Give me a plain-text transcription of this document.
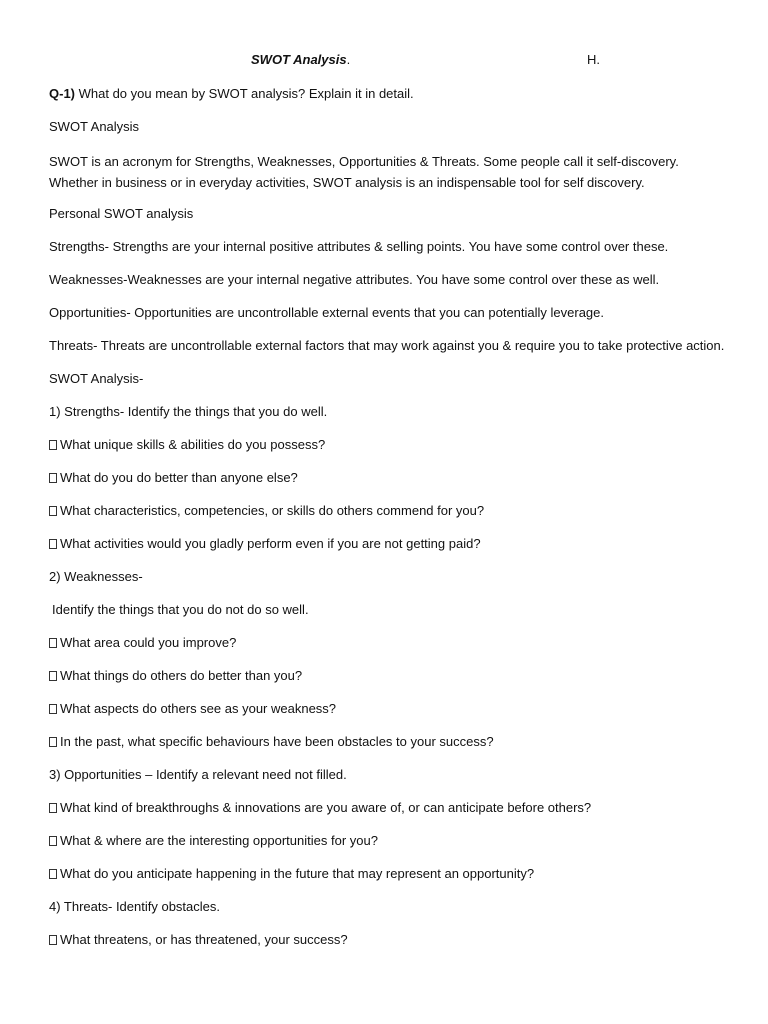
SWOT Analysis.	H.

Q-1) What do you mean by SWOT analysis? Explain it in detail.

SWOT Analysis

SWOT is an acronym for Strengths, Weaknesses, Opportunities & Threats. Some people call it self-discovery. Whether in business or in everyday activities, SWOT analysis is an indispensable tool for self discovery.

Personal SWOT analysis

Strengths- Strengths are your internal positive attributes & selling points. You have some control over these.

Weaknesses-Weaknesses are your internal negative attributes. You have some control over these as well.

Opportunities- Opportunities are uncontrollable external events that you can potentially leverage.

Threats- Threats are uncontrollable external factors that may work against you & require you to take protective action.

SWOT Analysis-

1) Strengths- Identify the things that you do well.

What unique skills & abilities do you possess?

What do you do better than anyone else?

What characteristics, competencies, or skills do others commend for you?

What activities would you gladly perform even if you are not getting paid?

2) Weaknesses-

Identify the things that you do not do so well.

What area could you improve?

What things do others do better than you?

What aspects do others see as your weakness?

In the past, what specific behaviours have been obstacles to your success?

3) Opportunities – Identify a relevant need not filled.

What kind of breakthroughs & innovations are you aware of, or can anticipate before others?

What & where are the interesting opportunities for you?

What do you anticipate happening in the future that may represent an opportunity?

4) Threats- Identify obstacles.

What threatens, or has threatened, your success?
